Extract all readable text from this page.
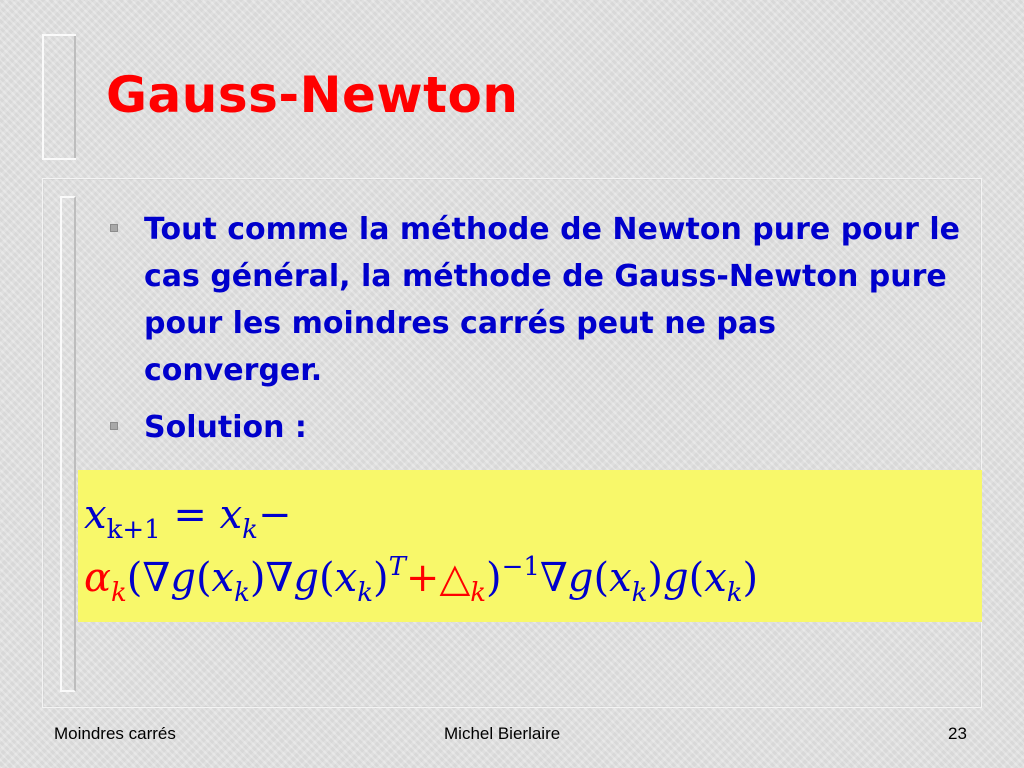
Gauss-Newton
Tout comme la méthode de Newton pure pour le cas général, la méthode de Gauss-Newton pure pour les moindres carrés peut ne pas converger.
Solution :
$x_{k+1} = x_k-$
$\alpha_k(\nabla g(x_k)\nabla g(x_k)^T+\triangle_k)^{-1}\nabla g(x_k)g(x_k)$
Moindres carrés	Michel Bierlaire	23
